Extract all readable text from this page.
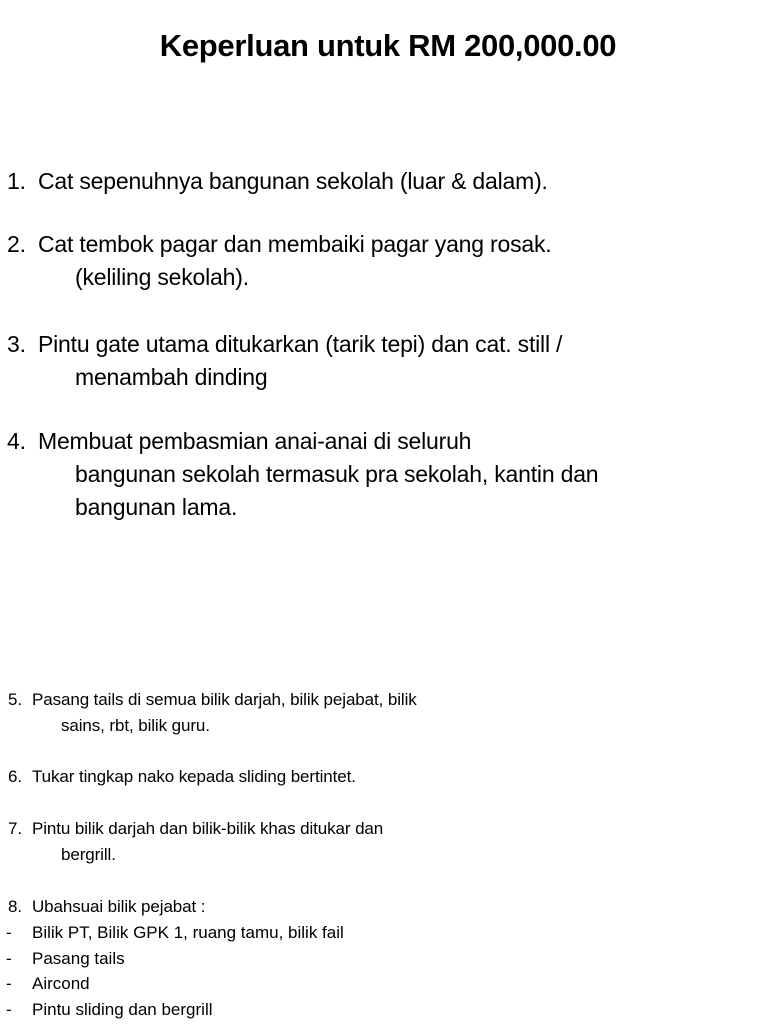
Keperluan untuk RM 200,000.00
1. Cat sepenuhnya bangunan sekolah (luar & dalam).
2. Cat tembok pagar dan membaiki pagar yang rosak.
(keliling sekolah).
3. Pintu gate utama ditukarkan (tarik tepi) dan cat. still /
menambah dinding
4. Membuat pembasmian anai-anai di seluruh
bangunan sekolah termasuk pra sekolah, kantin dan
bangunan lama.
5. Pasang tails di semua bilik darjah, bilik pejabat, bilik
sains, rbt, bilik guru.
6. Tukar tingkap nako kepada sliding bertintet.
7. Pintu bilik darjah dan bilik-bilik khas ditukar dan
bergrill.
8. Ubahsuai bilik pejabat :
- Bilik PT, Bilik GPK 1, ruang tamu, bilik fail
- Pasang tails
- Aircond
- Pintu sliding dan bergrill
